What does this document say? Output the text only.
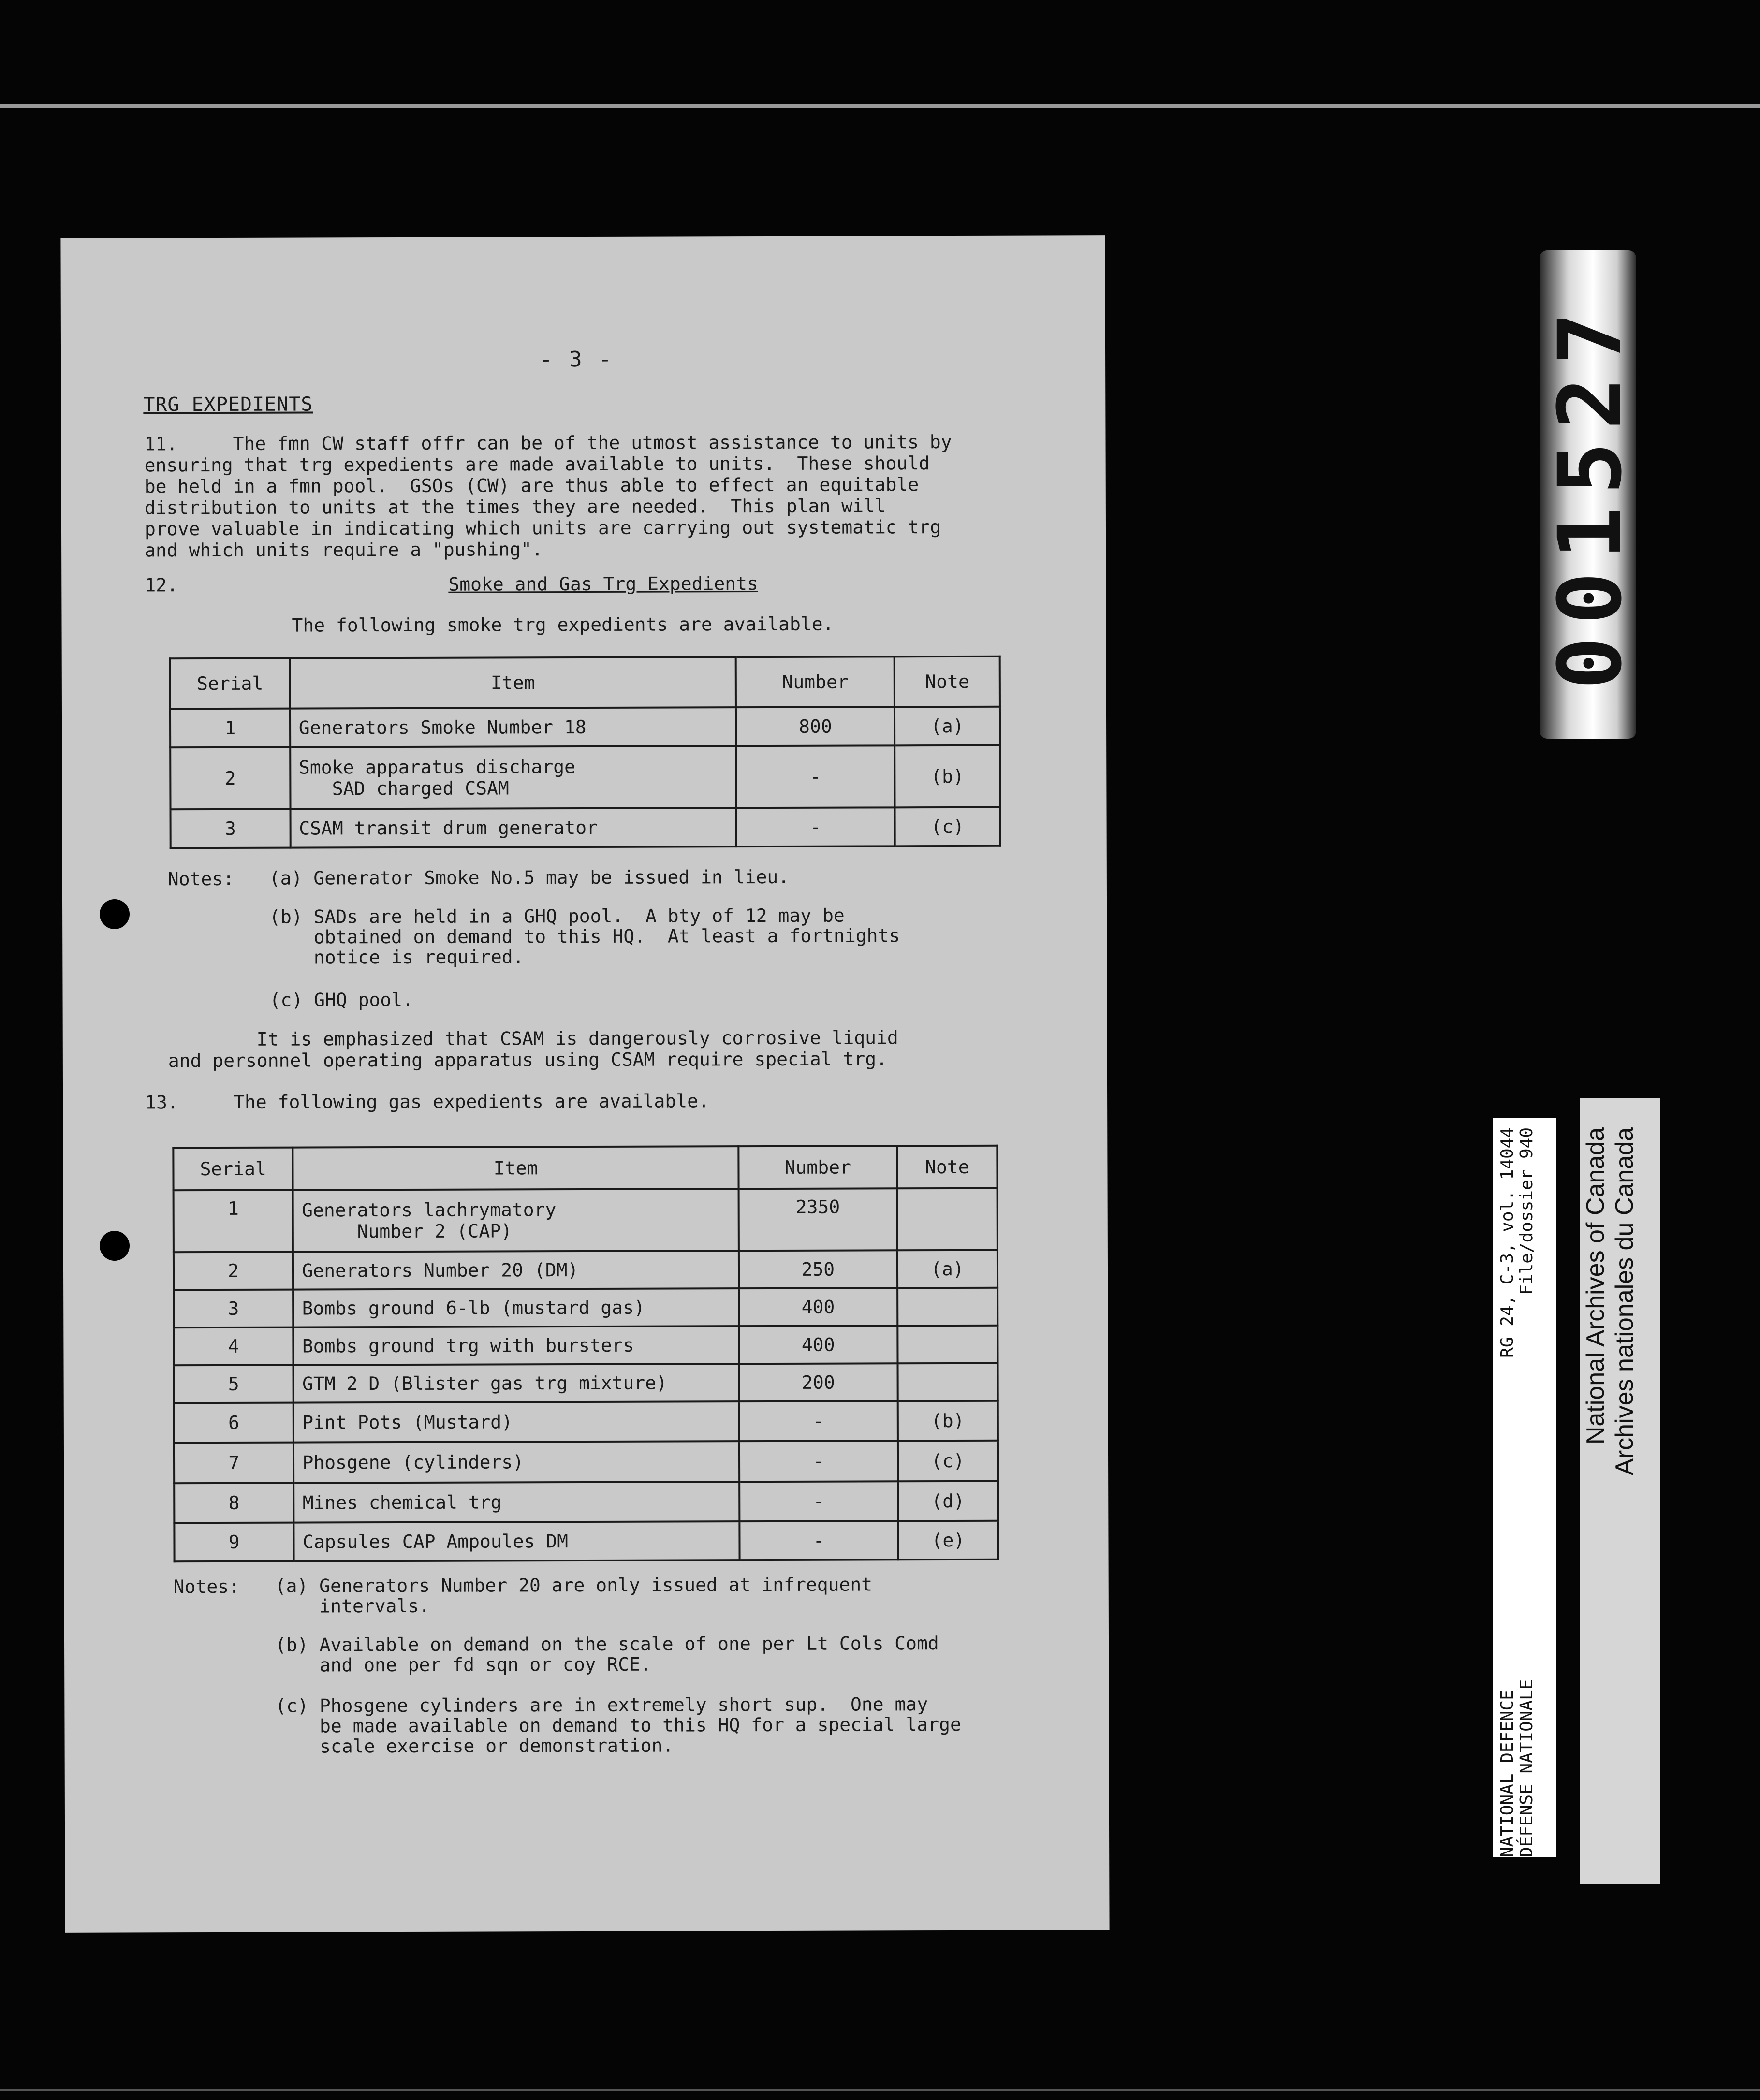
- 3 -
TRG EXPEDIENTS
11.     The fmn CW staff offr can be of the utmost assistance to units by
ensuring that trg expedients are made available to units.  These should
be held in a fmn pool.  GSOs (CW) are thus able to effect an equitable
distribution to units at the times they are needed.  This plan will
prove valuable in indicating which units are carrying out systematic trg
and which units require a "pushing".
12.	Smoke and Gas Trg Expedients
The following smoke trg expedients are available.
Serial	Item	Number	Note
1	Generators Smoke Number 18	800	(a)
2	Smoke apparatus discharge
SAD charged CSAM	-	(b)
3	CSAM transit drum generator	-	(c)
Notes: (a) Generator Smoke No.5 may be issued in lieu.
(b) SADs are held in a GHQ pool.  A bty of 12 may be
obtained on demand to this HQ.  At least a fortnights
notice is required.
(c) GHQ pool.
It is emphasized that CSAM is dangerously corrosive liquid
and personnel operating apparatus using CSAM require special trg.
13.     The following gas expedients are available.
Serial	Item	Number	Note
1	Generators lachrymatory
Number 2 (CAP)	2350	
2	Generators Number 20 (DM)	250	(a)
3	Bombs ground 6-lb (mustard gas)	400	
4	Bombs ground trg with bursters	400	
5	GTM 2 D (Blister gas trg mixture)	200	
6	Pint Pots (Mustard)	-	(b)
7	Phosgene (cylinders)	-	(c)
8	Mines chemical trg	-	(d)
9	Capsules CAP Ampoules DM	-	(e)
Notes: (a) Generators Number 20 are only issued at infrequent
intervals.
(b) Available on demand on the scale of one per Lt Cols Comd
and one per fd sqn or coy RCE.
(c) Phosgene cylinders are in extremely short sup.  One may
be made available on demand to this HQ for a special large
scale exercise or demonstration.
001527
NATIONAL DEFENCE DÉFENSE NATIONALE
RG 24, C-3, vol. 14044 File/dossier 940 National Archives of Canada Archives nationales du Canada
